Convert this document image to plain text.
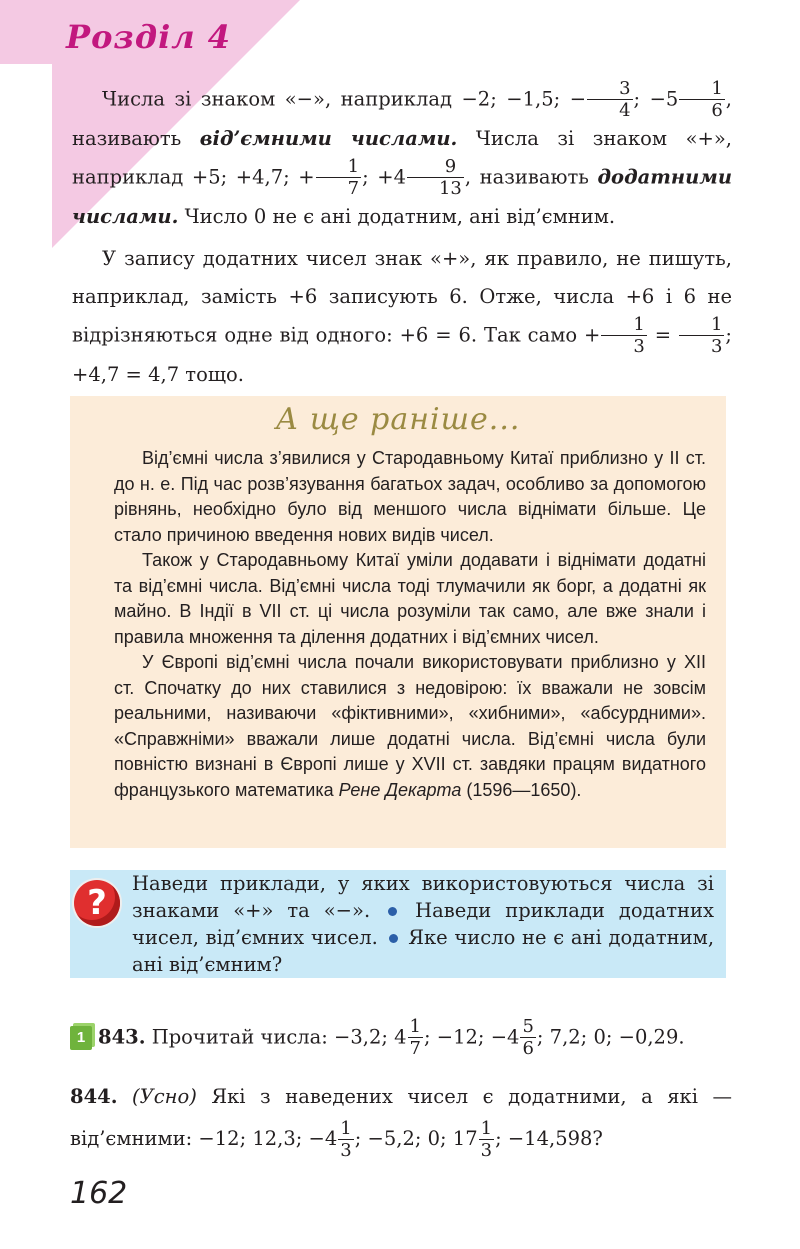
Розділ 4

Числа зі знаком «−», наприклад −2; −1,5; − $\frac{3}{4}$ ; $-5 \frac{1}{6}$ , називають від’ємними числами. Числа зі знаком «+», наприклад +5; +4,7; + $\frac{1}{7}$ ; $+4 \frac{9}{13}$ , називають додатними числами. Число 0 не є ані додатним, ані від’ємним.

У запису додатних чисел знак «+», як правило, не пишуть, наприклад, замість +6 записують 6. Отже, числа +6 і 6 не відрізняються одне від одного: +6 = 6. Так само + $\frac{1}{3} = \frac{1}{3}$ ; +4,7 = 4,7 тощо.

А ще раніше...

Від’ємні числа з’явилися у Стародавньому Китаї приблизно у II ст. до н. е. Під час розв’язування багатьох задач, особливо за допомогою рівнянь, необхідно було від меншого числа віднімати більше. Це стало причиною введення нових видів чисел.

Також у Стародавньому Китаї уміли додавати і віднімати додатні та від’ємні числа. Від’ємні числа тоді тлумачили як борг, а додатні як майно. В Індії в VII ст. ці числа розуміли так само, але вже знали і правила множення та ділення додатних і від’ємних чисел.

У Європі від’ємні числа почали використовувати приблизно у XII ст. Спочатку до них ставилися з недовірою: їх вважали не зовсім реальними, називаючи «фіктивними», «хибними», «абсурдними». «Справжніми» вважали лише додатні числа. Від’ємні числа були повністю визнані в Європі лише у XVII ст. завдяки працям видатного французького математика Рене Декарта (1596—1650).

?	Наведи приклади, у яких використовуються числа зі знаками «+» та «−». Наведи приклади додатних чисел, від’ємних чисел. Яке число не є ані додатним, ані від’ємним?
1 843. Прочитай числа: −3,2; $4 \frac{1}{7}$ ; −12; $-4 \frac{5}{6}$ ; 7,2; 0; −0,29.
844. (Усно) Які з наведених чисел є додатними, а які — від’ємними: −12; 12,3; $-4 \frac{1}{3}$ ; −5,2; 0; $17 \frac{1}{3}$ ; −14,598?
162
